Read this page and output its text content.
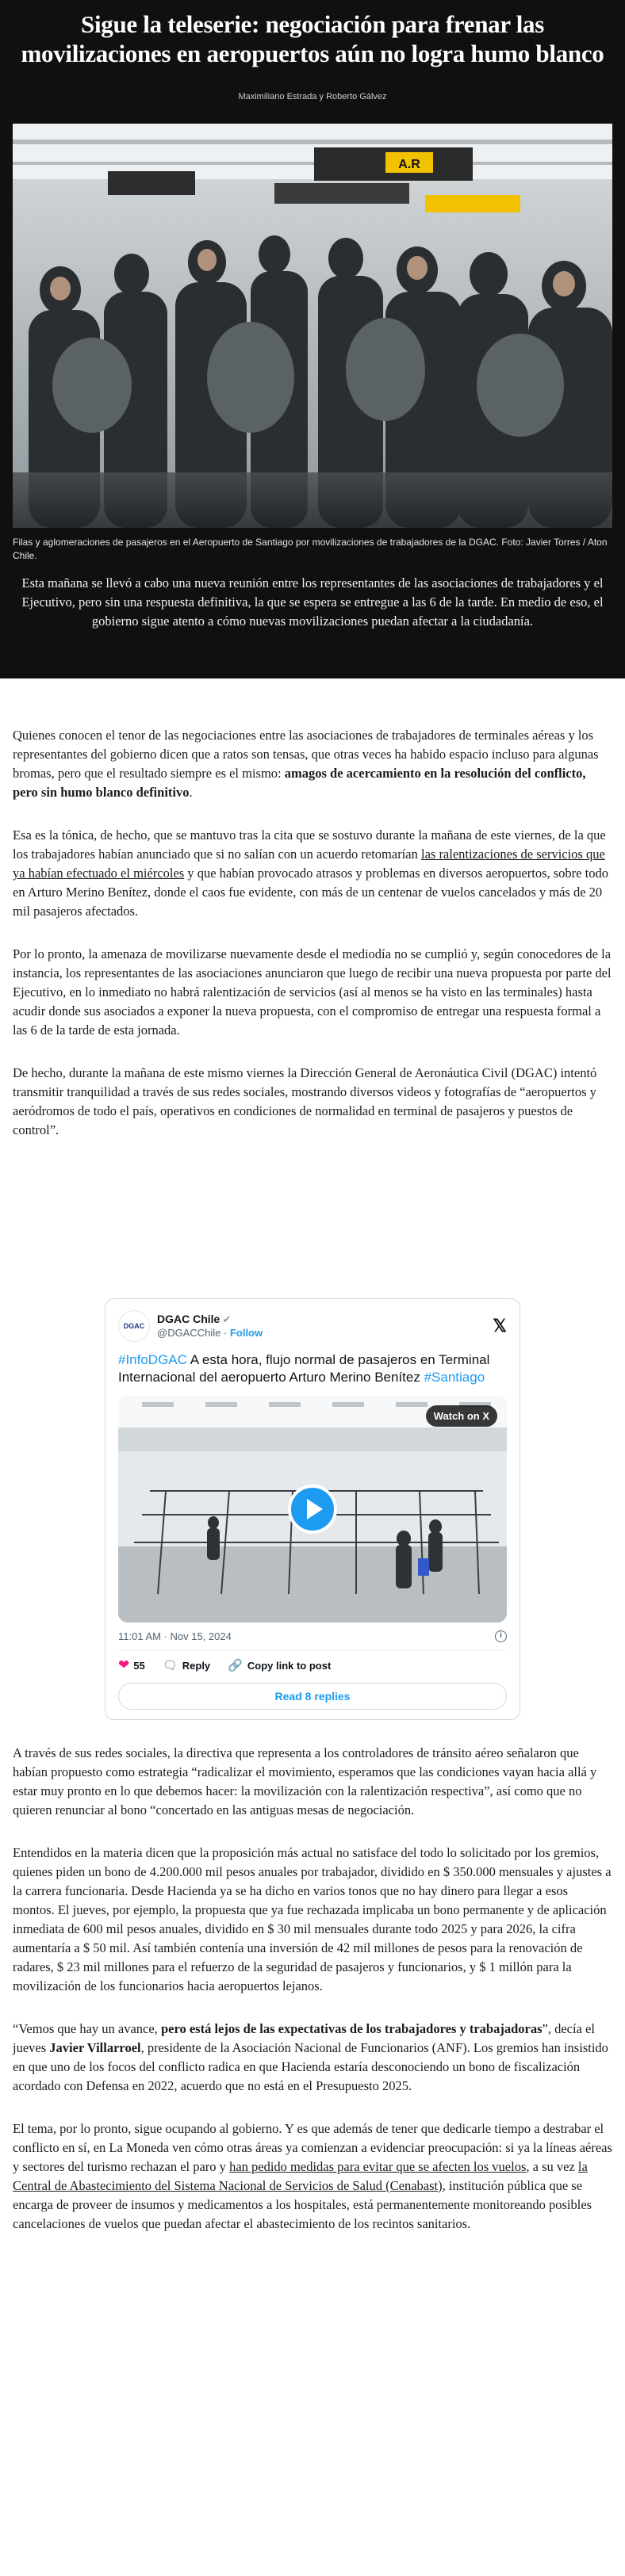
Sigue la teleserie: negociación para frenar las movilizaciones en aeropuertos aún no logra humo blanco
Maximiliano Estrada y Roberto Gálvez
A.R
Filas y aglomeraciones de pasajeros en el Aeropuerto de Santiago por movilizaciones de trabajadores de la DGAC. Foto: Javier Torres / Aton Chile.

Esta mañana se llevó a cabo una nueva reunión entre los representantes de las asociaciones de trabajadores y el Ejecutivo, pero sin una respuesta definitiva, la que se espera se entregue a las 6 de la tarde. En medio de eso, el gobierno sigue atento a cómo nuevas movilizaciones puedan afectar a la ciudadanía.

Quienes conocen el tenor de las negociaciones entre las asociaciones de trabajadores de terminales aéreas y los representantes del gobierno dicen que a ratos son tensas, que otras veces ha habido espacio incluso para algunas bromas, pero que el resultado siempre es el mismo: amagos de acercamiento en la resolución del conflicto, pero sin humo blanco definitivo.

Esa es la tónica, de hecho, que se mantuvo tras la cita que se sostuvo durante la mañana de este viernes, de la que los trabajadores habían anunciado que si no salían con un acuerdo retomarían las ralentizaciones de servicios que ya habían efectuado el miércoles y que habían provocado atrasos y problemas en diversos aeropuertos, sobre todo en Arturo Merino Benítez, donde el caos fue evidente, con más de un centenar de vuelos cancelados y más de 20 mil pasajeros afectados.

Por lo pronto, la amenaza de movilizarse nuevamente desde el mediodía no se cumplió y, según conocedores de la instancia, los representantes de las asociaciones anunciaron que luego de recibir una nueva propuesta por parte del Ejecutivo, en lo inmediato no habrá ralentización de servicios (así al menos se ha visto en las terminales) hasta acudir donde sus asociados a exponer la nueva propuesta, con el compromiso de entregar una respuesta formal a las 6 de la tarde de esta jornada.

De hecho, durante la mañana de este mismo viernes la Dirección General de Aeronáutica Civil (DGAC) intentó transmitir tranquilidad a través de sus redes sociales, mostrando diversos videos y fotografías de “aeropuertos y aeródromos de todo el país, operativos en condiciones de normalidad en terminal de pasajeros y puestos de control”.

DGAC
DGAC Chile ✔
@DGACChile · Follow	𝕏
#InfoDGAC A esta hora, flujo normal de pasajeros en Terminal Internacional del aeropuerto Arturo Merino Benítez #Santiago
Watch on X
11:01 AM · Nov 15, 2024	i
❤ 55 🗨 Reply 🔗 Copy link to post
Read 8 replies

A través de sus redes sociales, la directiva que representa a los controladores de tránsito aéreo señalaron que habían propuesto como estrategia “radicalizar el movimiento, esperamos que las condiciones vayan hacia allá y estar muy pronto en lo que debemos hacer: la movilización con la ralentización respectiva”, así como que no quieren renunciar al bono “concertado en las antiguas mesas de negociación.

Entendidos en la materia dicen que la proposición más actual no satisface del todo lo solicitado por los gremios, quienes piden un bono de 4.200.000 mil pesos anuales por trabajador, dividido en $ 350.000 mensuales y ajustes a la carrera funcionaria. Desde Hacienda ya se ha dicho en varios tonos que no hay dinero para llegar a esos montos. El jueves, por ejemplo, la propuesta que ya fue rechazada implicaba un bono permanente y de aplicación inmediata de 600 mil pesos anuales, dividido en $ 30 mil mensuales durante todo 2025 y para 2026, la cifra aumentaría a $ 50 mil. Así también contenía una inversión de 42 mil millones de pesos para la renovación de radares, $ 23 mil millones para el refuerzo de la seguridad de pasajeros y funcionarios, y $ 1 millón para la movilización de los funcionarios hacia aeropuertos lejanos.

“Vemos que hay un avance, pero está lejos de las expectativas de los trabajadores y trabajadoras”, decía el jueves Javier Villarroel, presidente de la Asociación Nacional de Funcionarios (ANF). Los gremios han insistido en que uno de los focos del conflicto radica en que Hacienda estaría desconociendo un bono de fiscalización acordado con Defensa en 2022, acuerdo que no está en el Presupuesto 2025.

El tema, por lo pronto, sigue ocupando al gobierno. Y es que además de tener que dedicarle tiempo a destrabar el conflicto en sí, en La Moneda ven cómo otras áreas ya comienzan a evidenciar preocupación: si ya la líneas aéreas y sectores del turismo rechazan el paro y han pedido medidas para evitar que se afecten los vuelos, a su vez la Central de Abastecimiento del Sistema Nacional de Servicios de Salud (Cenabast), institución pública que se encarga de proveer de insumos y medicamentos a los hospitales, está permanentemente monitoreando posibles cancelaciones de vuelos que puedan afectar el abastecimiento de los recintos sanitarios.
